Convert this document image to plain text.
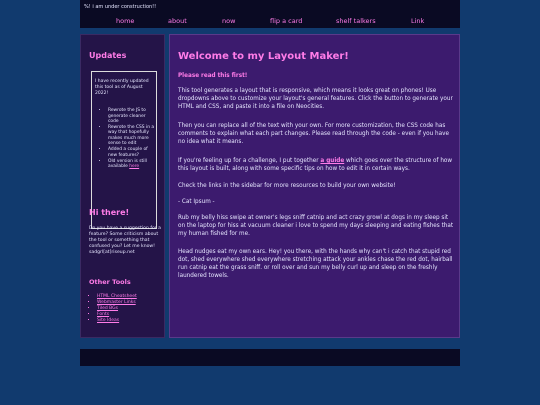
%! i am under construction!!
home	about	now	flip a card	shelf talkers	Link
Updates

I have recently updated this tool as of August 2022!

• Rewrote the JS to generate cleaner code
• Rewrote the CSS in a way that hopefully makes much more sense to edit
• Added a couple of new features?
• Old version is still available here
Hi there!

Do you have a suggestion for a feature? Some criticism about the tool or something that confused you? Let me know! sadgrl[at]riseup.net

Other Tools
▪ HTML Cheatsheet
▪ Webmaster Links
▪ Tiled BGs
▪ Fonts
▪ Site Ideas
Welcome to my Layout Maker!
Please read this first!
This tool generates a layout that is responsive, which means it looks great on phones! Use dropdowns above to customize your layout's general features. Click the button to generate your HTML and CSS, and paste it into a file on Neocities.
Then you can replace all of the text with your own. For more customization, the CSS code has comments to explain what each part changes. Please read through the code - even if you have no idea what it means.
If you're feeling up for a challenge, I put together a guide which goes over the structure of how this layout is built, along with some specific tips on how to edit it in certain ways.
Check the links in the sidebar for more resources to build your own website!
- Cat Ipsum -
Rub my belly hiss swipe at owner's legs sniff catnip and act crazy growl at dogs in my sleep sit on the laptop for hiss at vacuum cleaner i love to spend my days sleeping and eating fishes that my human fished for me.
Head nudges eat my own ears. Hey! you there, with the hands why can't i catch that stupid red dot, shed everywhere shed everywhere stretching attack your ankles chase the red dot, hairball run catnip eat the grass sniff. or roll over and sun my belly curl up and sleep on the freshly laundered towels.
